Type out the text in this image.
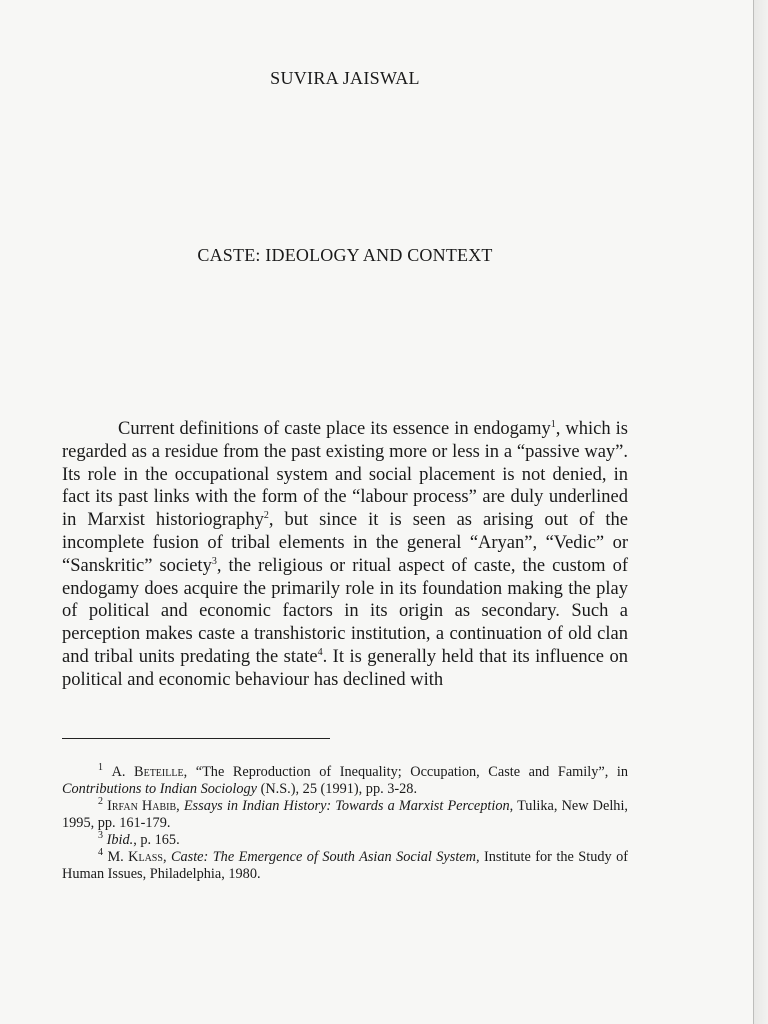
SUVIRA JAISWAL
CASTE: IDEOLOGY AND CONTEXT

Current definitions of caste place its essence in endogamy$^1$, which is regarded as a residue from the past existing more or less in a “passive way”. Its role in the occupational system and social placement is not denied, in fact its past links with the form of the “labour process” are duly underlined in Marxist historiography$^2$, but since it is seen as arising out of the incomplete fusion of tribal elements in the general “Aryan”, “Vedic” or “Sanskritic” society$^3$, the religious or ritual aspect of caste, the custom of endogamy does acquire the primarily role in its foundation making the play of political and economic factors in its origin as secondary. Such a perception makes caste a transhistoric institution, a continuation of old clan and tribal units predating the state$^4$. It is generally held that its influence on political and economic behaviour has declined with

$^1$ A. Beteille, “The Reproduction of Inequality; Occupation, Caste and Family”, in Contributions to Indian Sociology (N.S.), 25 (1991), pp. 3-28.

$^2$ Irfan Habib, Essays in Indian History: Towards a Marxist Perception, Tulika, New Delhi, 1995, pp. 161-179.

$^3$ Ibid., p. 165.

$^4$ M. Klass, Caste: The Emergence of South Asian Social System, Institute for the Study of Human Issues, Philadelphia, 1980.
